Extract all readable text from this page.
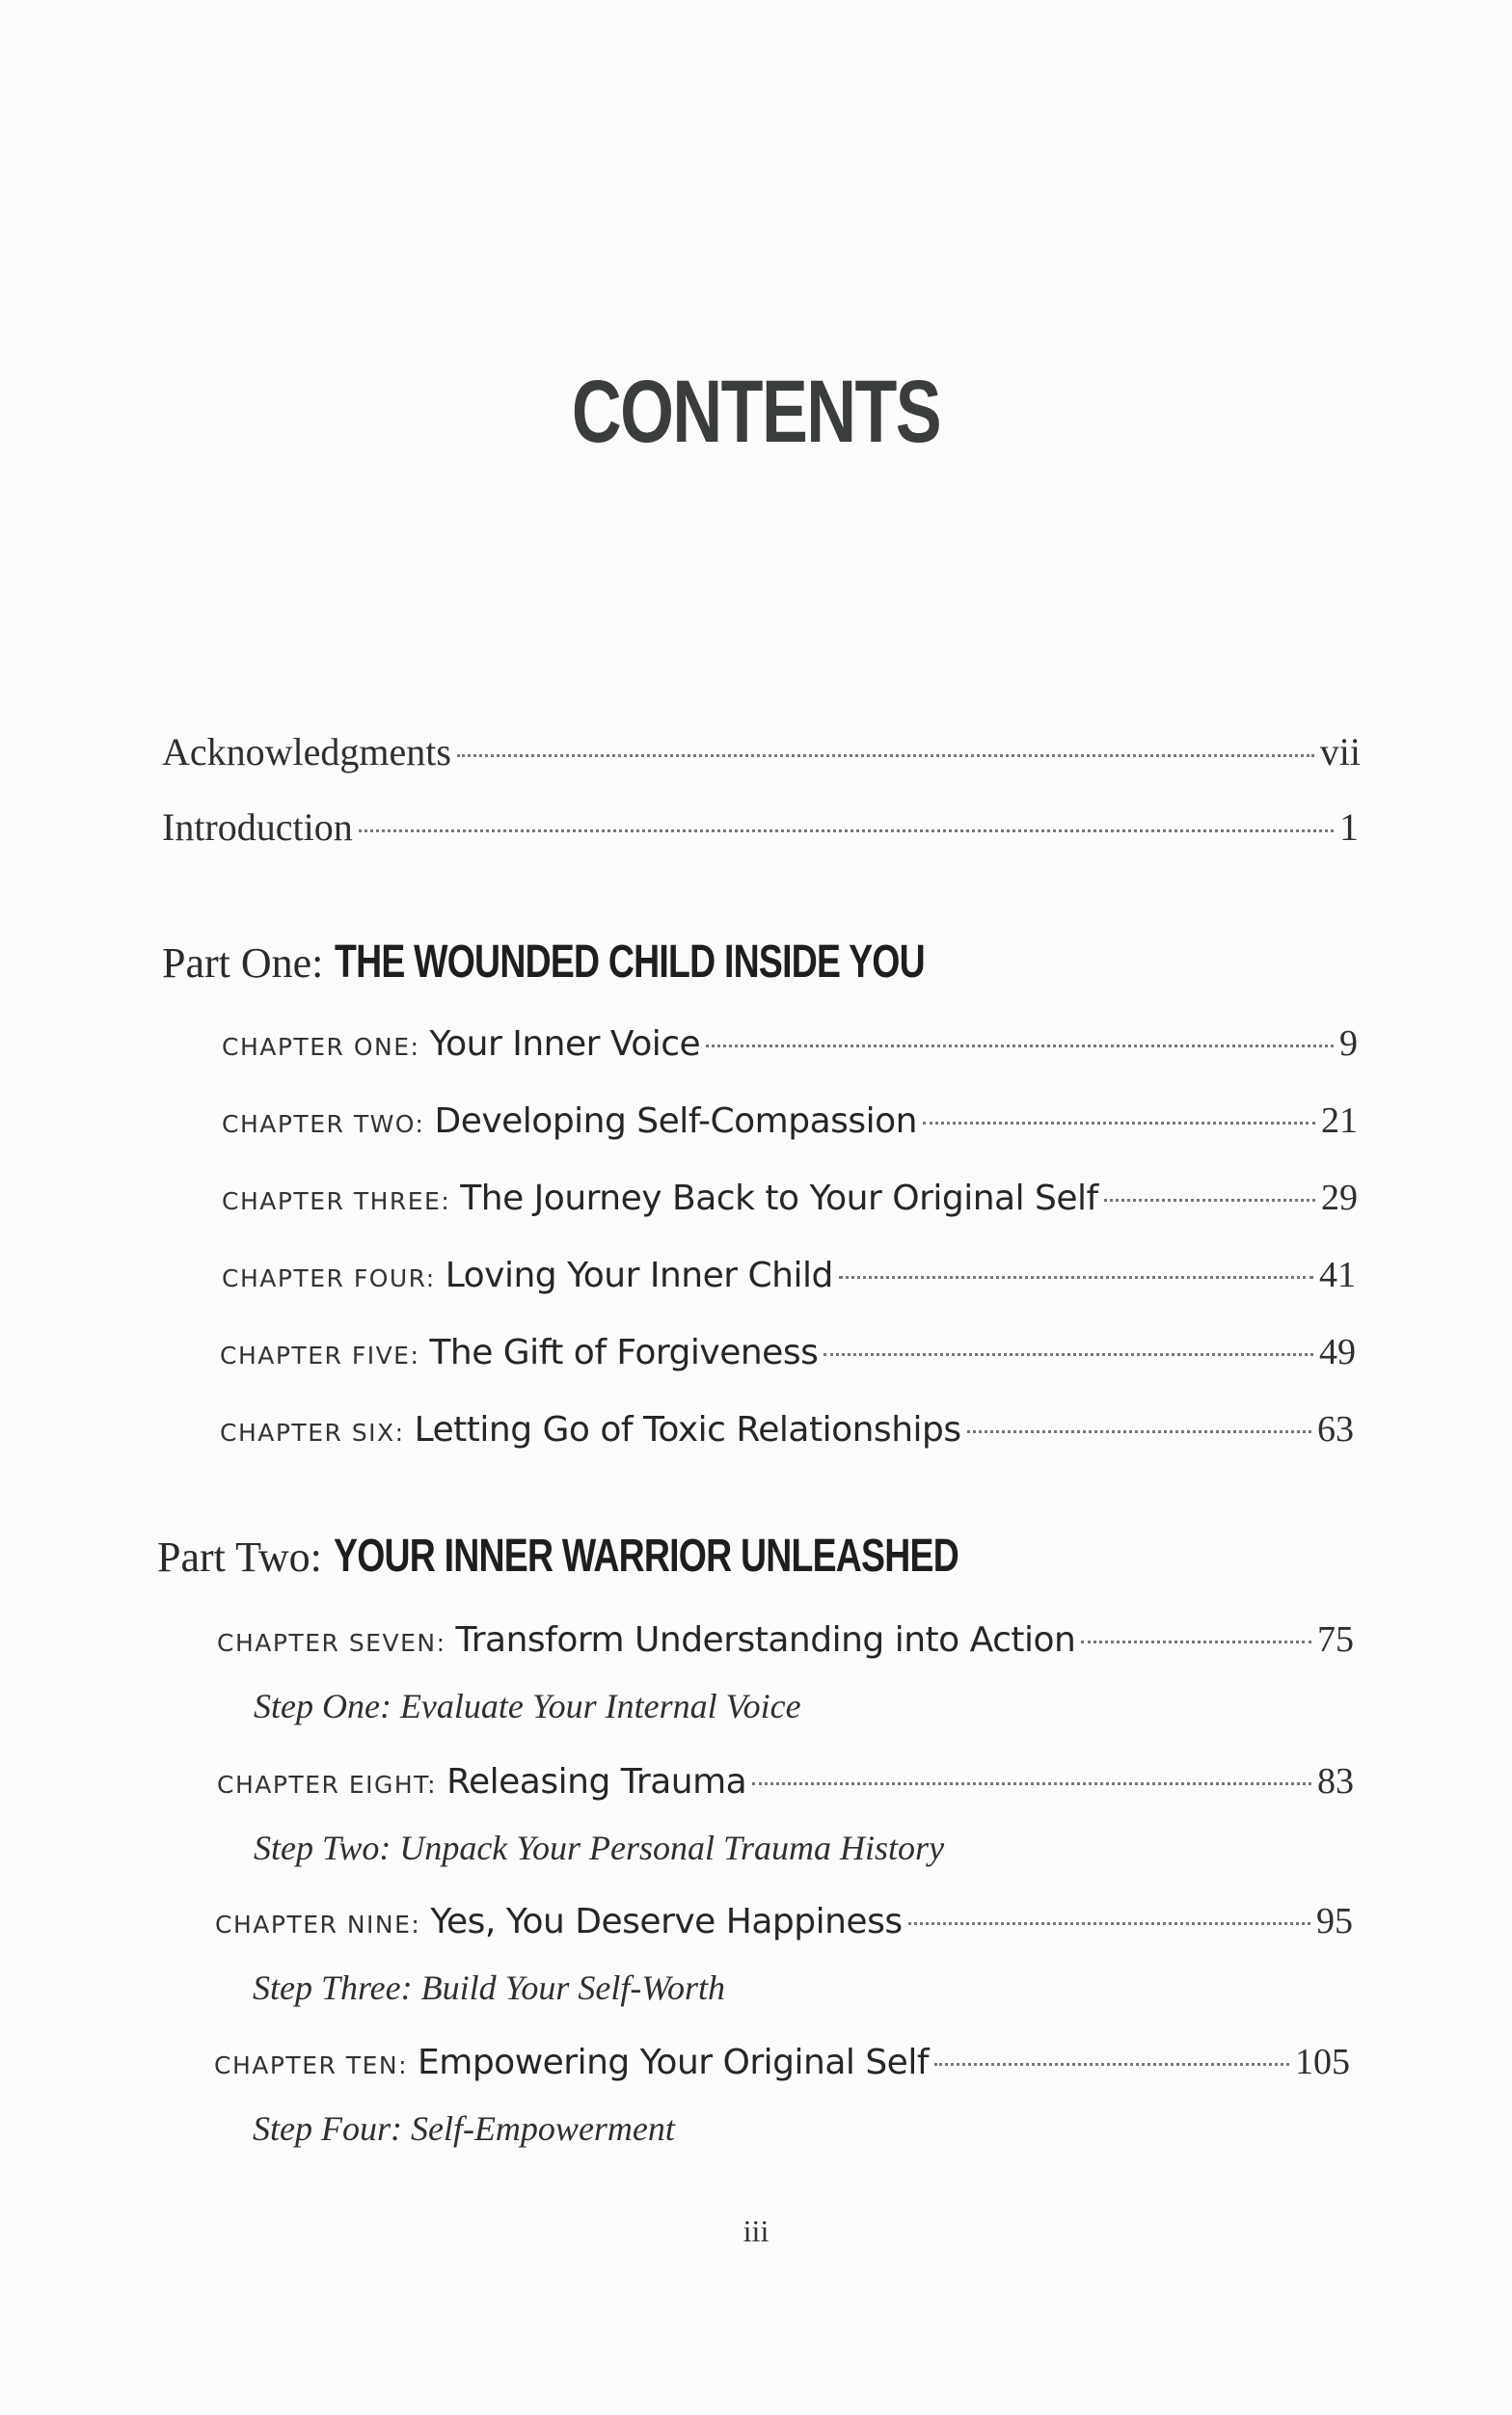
CONTENTS
Acknowledgments	vii
Introduction	1
Part One: THE WOUNDED CHILD INSIDE YOU
CHAPTER ONE: Your Inner Voice	9
CHAPTER TWO: Developing Self-Compassion	21
CHAPTER THREE: The Journey Back to Your Original Self	29
CHAPTER FOUR: Loving Your Inner Child	41
CHAPTER FIVE: The Gift of Forgiveness	49
CHAPTER SIX: Letting Go of Toxic Relationships	63
Part Two: YOUR INNER WARRIOR UNLEASHED
CHAPTER SEVEN: Transform Understanding into Action	75
Step One: Evaluate Your Internal Voice
CHAPTER EIGHT: Releasing Trauma	83
Step Two: Unpack Your Personal Trauma History
CHAPTER NINE: Yes, You Deserve Happiness	95
Step Three: Build Your Self-Worth
CHAPTER TEN: Empowering Your Original Self	105
Step Four: Self-Empowerment
iii
